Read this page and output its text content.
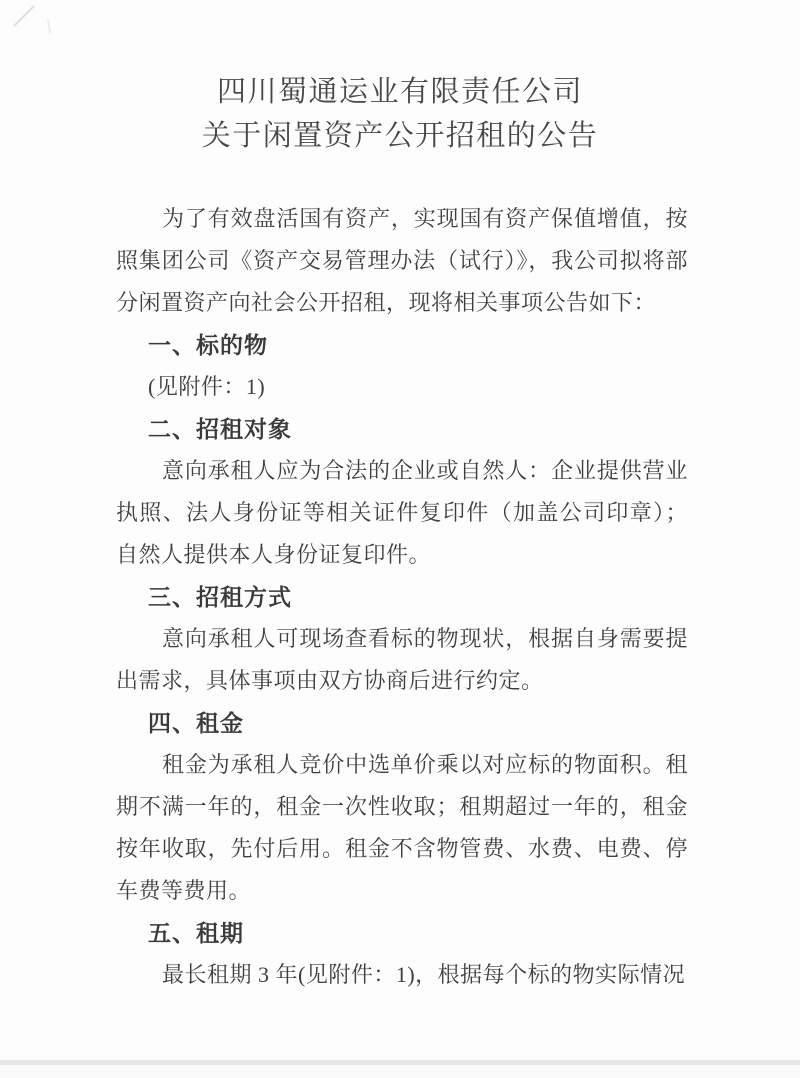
四川蜀通运业有限责任公司
关于闲置资产公开招租的公告

为了有效盘活国有资产，实现国有资产保值增值，按照集团公司《资产交易管理办法（试行）》，我公司拟将部分闲置资产向社会公开招租，现将相关事项公告如下：

一、标的物

(见附件：1)

二、招租对象

意向承租人应为合法的企业或自然人：企业提供营业执照、法人身份证等相关证件复印件（加盖公司印章）；自然人提供本人身份证复印件。

三、招租方式

意向承租人可现场查看标的物现状，根据自身需要提出需求，具体事项由双方协商后进行约定。

四、租金

租金为承租人竞价中选单价乘以对应标的物面积。租期不满一年的，租金一次性收取；租期超过一年的，租金按年收取，先付后用。租金不含物管费、水费、电费、停车费等费用。

五、租期

最长租期 3 年(见附件：1)，根据每个标的物实际情况
